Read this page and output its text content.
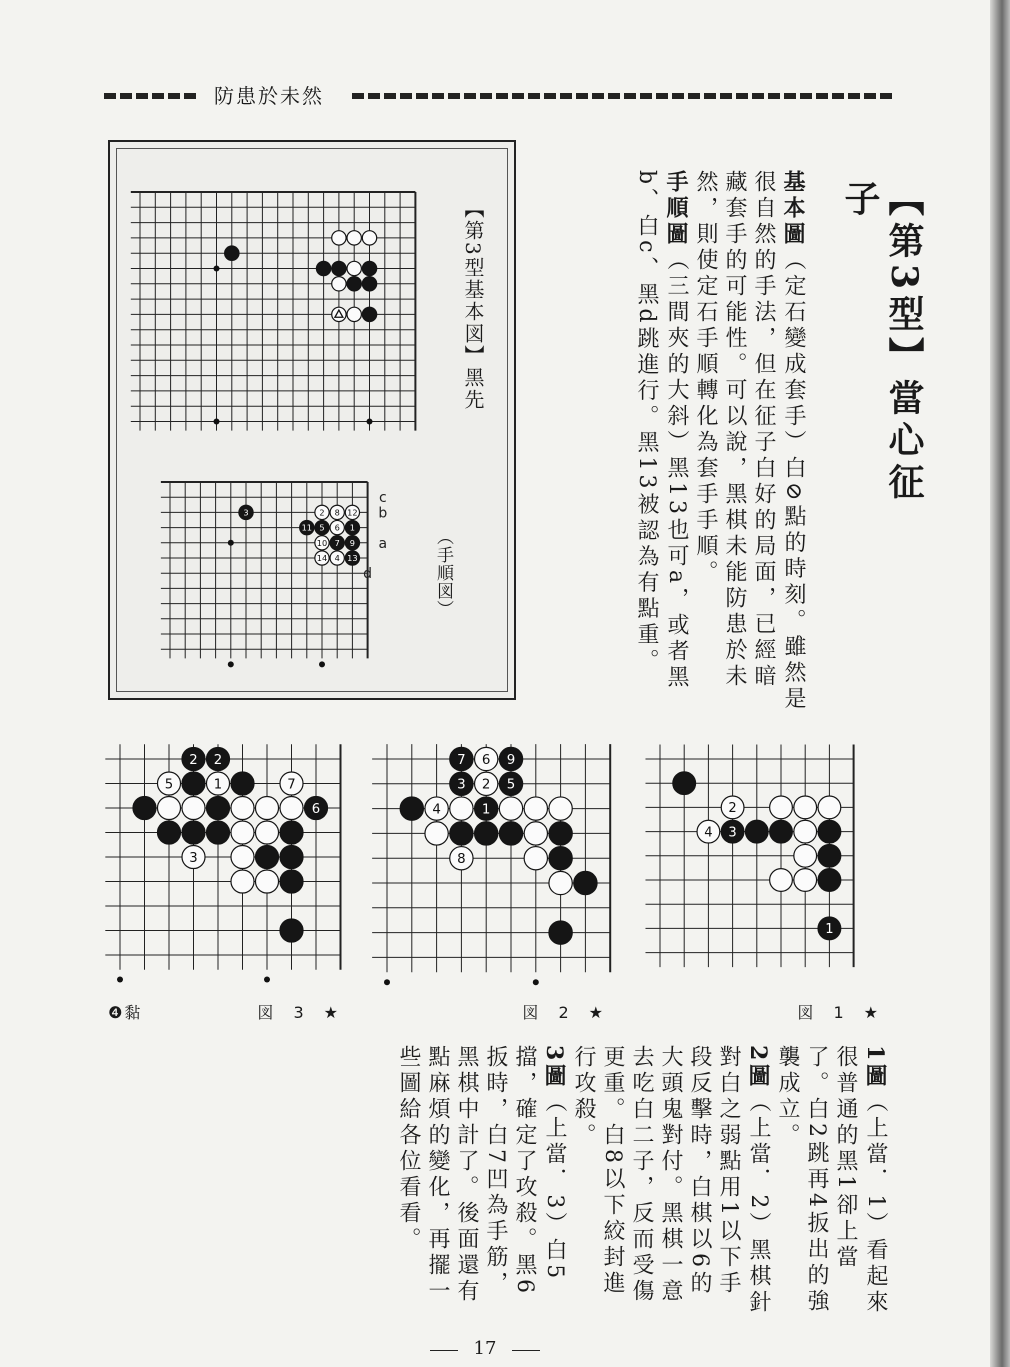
防患於未然
【第3型】當心征子
基本圖（定石變成套手）白⊘點的時刻。雖然是很自然的手法，但在征子白好的局面，已經暗藏套手的可能性。可以說，黑棋未能防患於未然，則使定石手順轉化為套手手順。
手順圖（三間夾的大斜）黑13也可a，或者黑b、白c、黑d跳進行。黑13被認為有點重。
【第3型基本図】黑先
（手順図）
3	2 8 12
11 5 6 1
10 7 9
14 4 13
c
b
a
d
2 2
5	1	7
6
3
7 6 9
3 2 5
4	1
8
2
4 3
1
❹黏	★　3　図	★　2　図	★　1　図
1圖（上當．1）看起來很普通的黑1卻上當了。白2跳再4扳出的強襲成立。
2圖（上當．2）黑棋針對白之弱點用1以下手段反擊時，白棋以6的大頭鬼對付。黑棋一意去吃白二子，反而受傷更重。白8以下絞封進行攻殺。
3圖（上當．3）白5擋，確定了攻殺。黑6扳時，白7凹為手筋，黑棋中計了。後面還有點麻煩的變化，再擺一些圖給各位看看。
17
